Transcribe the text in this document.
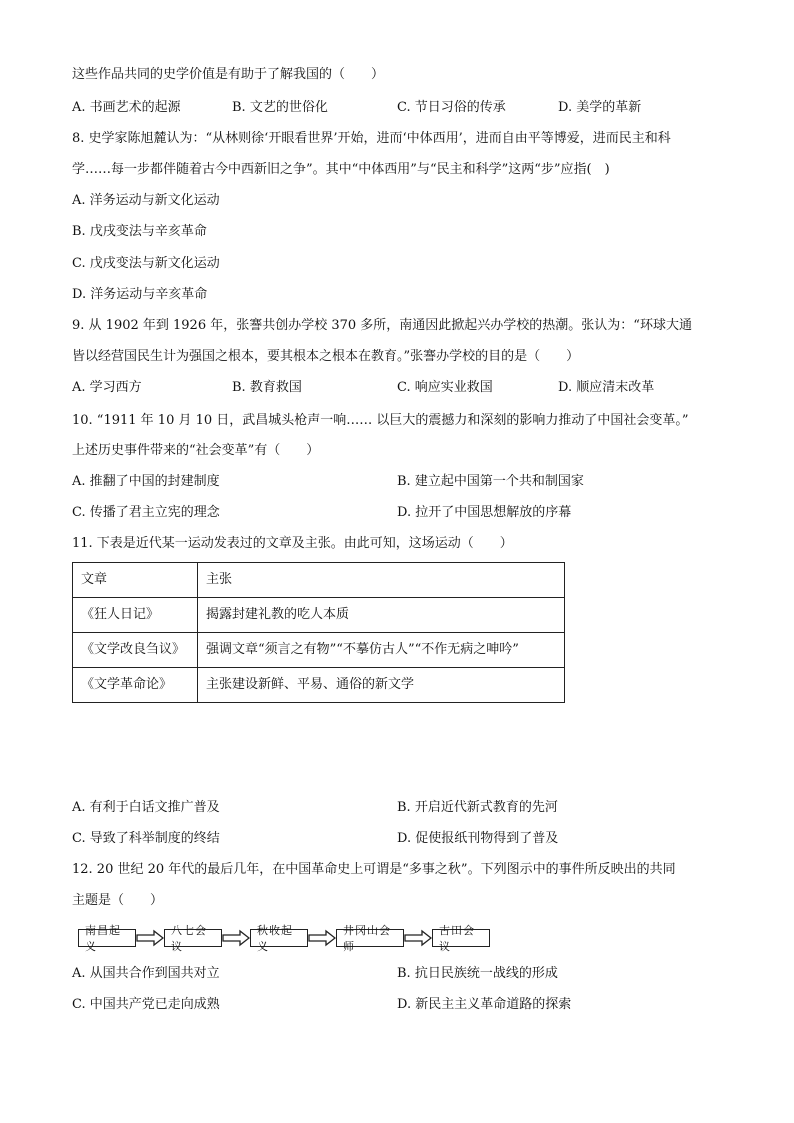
这些作品共同的史学价值是有助于了解我国的（　　）
A. 书画艺术的起源	B. 文艺的世俗化	C. 节日习俗的传承	D. 美学的革新
8. 史学家陈旭麓认为：“从林则徐‘开眼看世界’开始，进而‘中体西用’，进而自由平等博爱，进而民主和科
学……每一步都伴随着古今中西新旧之争”。其中“中体西用”与“民主和科学”这两“步”应指(　)
A. 洋务运动与新文化运动
B. 戊戌变法与辛亥革命
C. 戊戌变法与新文化运动
D. 洋务运动与辛亥革命
9. 从 1902 年到 1926 年，张謇共创办学校 370 多所，南通因此掀起兴办学校的热潮。张认为：“环球大通
皆以经营国民生计为强国之根本，要其根本之根本在教育。”张謇办学校的目的是（　　）
A. 学习西方	B. 教育救国	C. 响应实业救国	D. 顺应清末改革
10. “1911 年 10 月 10 日，武昌城头枪声一响…… 以巨大的震撼力和深刻的影响力推动了中国社会变革。”
上述历史事件带来的“社会变革”有（　　）
A. 推翻了中国的封建制度	B. 建立起中国第一个共和制国家
C. 传播了君主立宪的理念	D. 拉开了中国思想解放的序幕
11. 下表是近代某一运动发表过的文章及主张。由此可知，这场运动（　　）
文章	主张
《狂人日记》	揭露封建礼教的吃人本质
《文学改良刍议》	强调文章“须言之有物”“不摹仿古人”“不作无病之呻吟”
《文学革命论》	主张建设新鲜、平易、通俗的新文学
A. 有利于白话文推广普及	B. 开启近代新式教育的先河
C. 导致了科举制度的终结	D. 促使报纸刊物得到了普及
12. 20 世纪 20 年代的最后几年，在中国革命史上可谓是“多事之秋”。下列图示中的事件所反映出的共同
主题是（　　）
南昌起义
八七会议
秋收起义
井冈山会师
古田会议
A. 从国共合作到国共对立	B. 抗日民族统一战线的形成
C. 中国共产党已走向成熟	D. 新民主主义革命道路的探索
